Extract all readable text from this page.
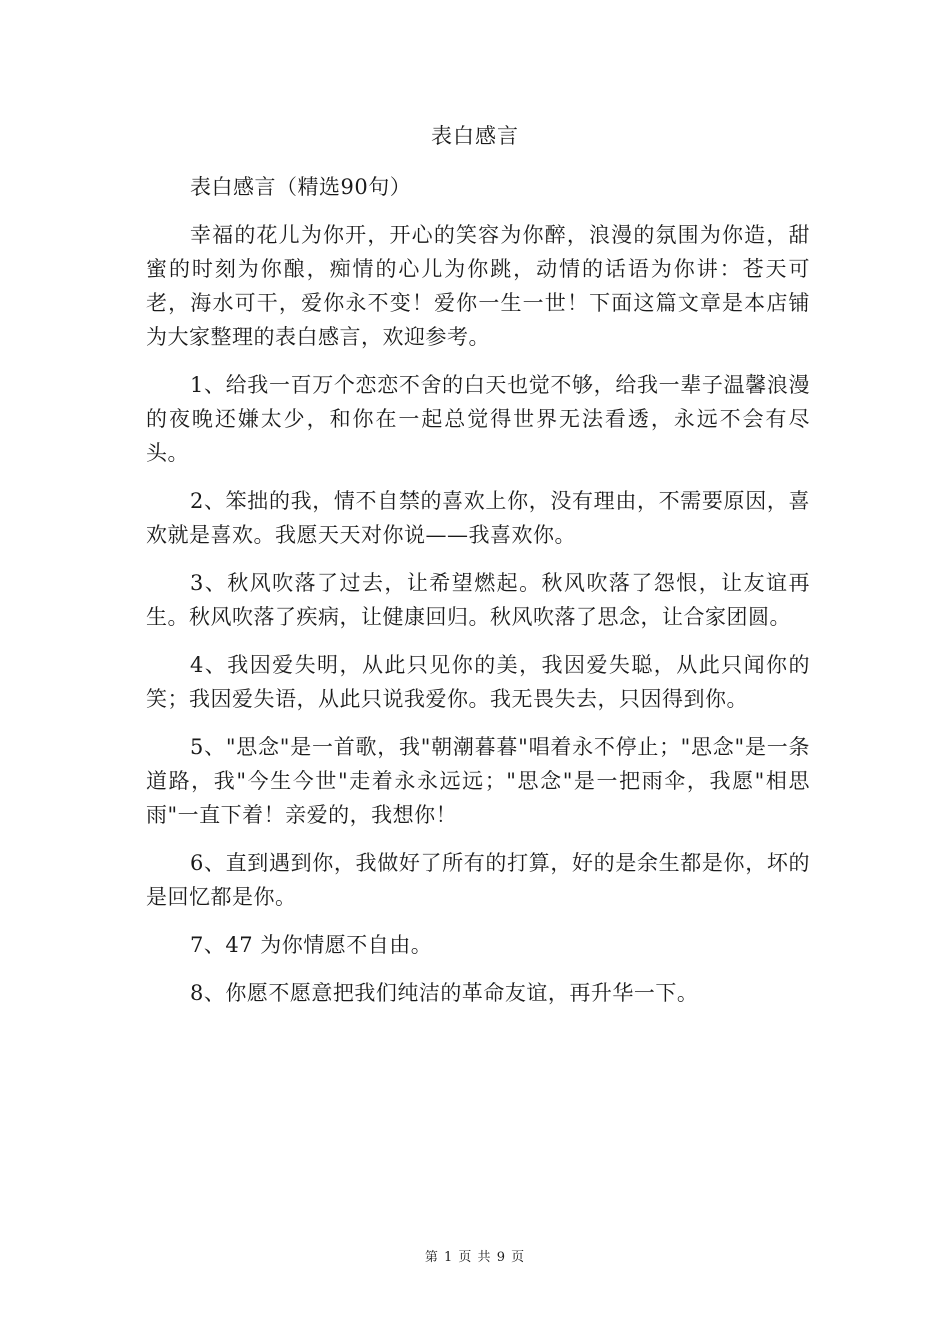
表白感言

表白感言（精选90句）

幸福的花儿为你开，开心的笑容为你醉，浪漫的氛围为你造，甜蜜的时刻为你酿，痴情的心儿为你跳，动情的话语为你讲：苍天可老，海水可干，爱你永不变！爱你一生一世！下面这篇文章是本店铺为大家整理的表白感言，欢迎参考。

1、给我一百万个恋恋不舍的白天也觉不够，给我一辈子温馨浪漫的夜晚还嫌太少，和你在一起总觉得世界无法看透，永远不会有尽头。

2、笨拙的我，情不自禁的喜欢上你，没有理由，不需要原因，喜欢就是喜欢。我愿天天对你说——我喜欢你。

3、秋风吹落了过去，让希望燃起。秋风吹落了怨恨，让友谊再生。秋风吹落了疾病，让健康回归。秋风吹落了思念，让合家团圆。

4、我因爱失明，从此只见你的美，我因爱失聪，从此只闻你的笑；我因爱失语，从此只说我爱你。我无畏失去，只因得到你。

5、"思念"是一首歌，我"朝潮暮暮"唱着永不停止；"思念"是一条道路，我"今生今世"走着永永远远；"思念"是一把雨伞，我愿"相思雨"一直下着！亲爱的，我想你！

6、直到遇到你，我做好了所有的打算，好的是余生都是你，坏的是回忆都是你。

7、47 为你情愿不自由。

8、你愿不愿意把我们纯洁的革命友谊，再升华一下。

第 1 页 共 9 页
